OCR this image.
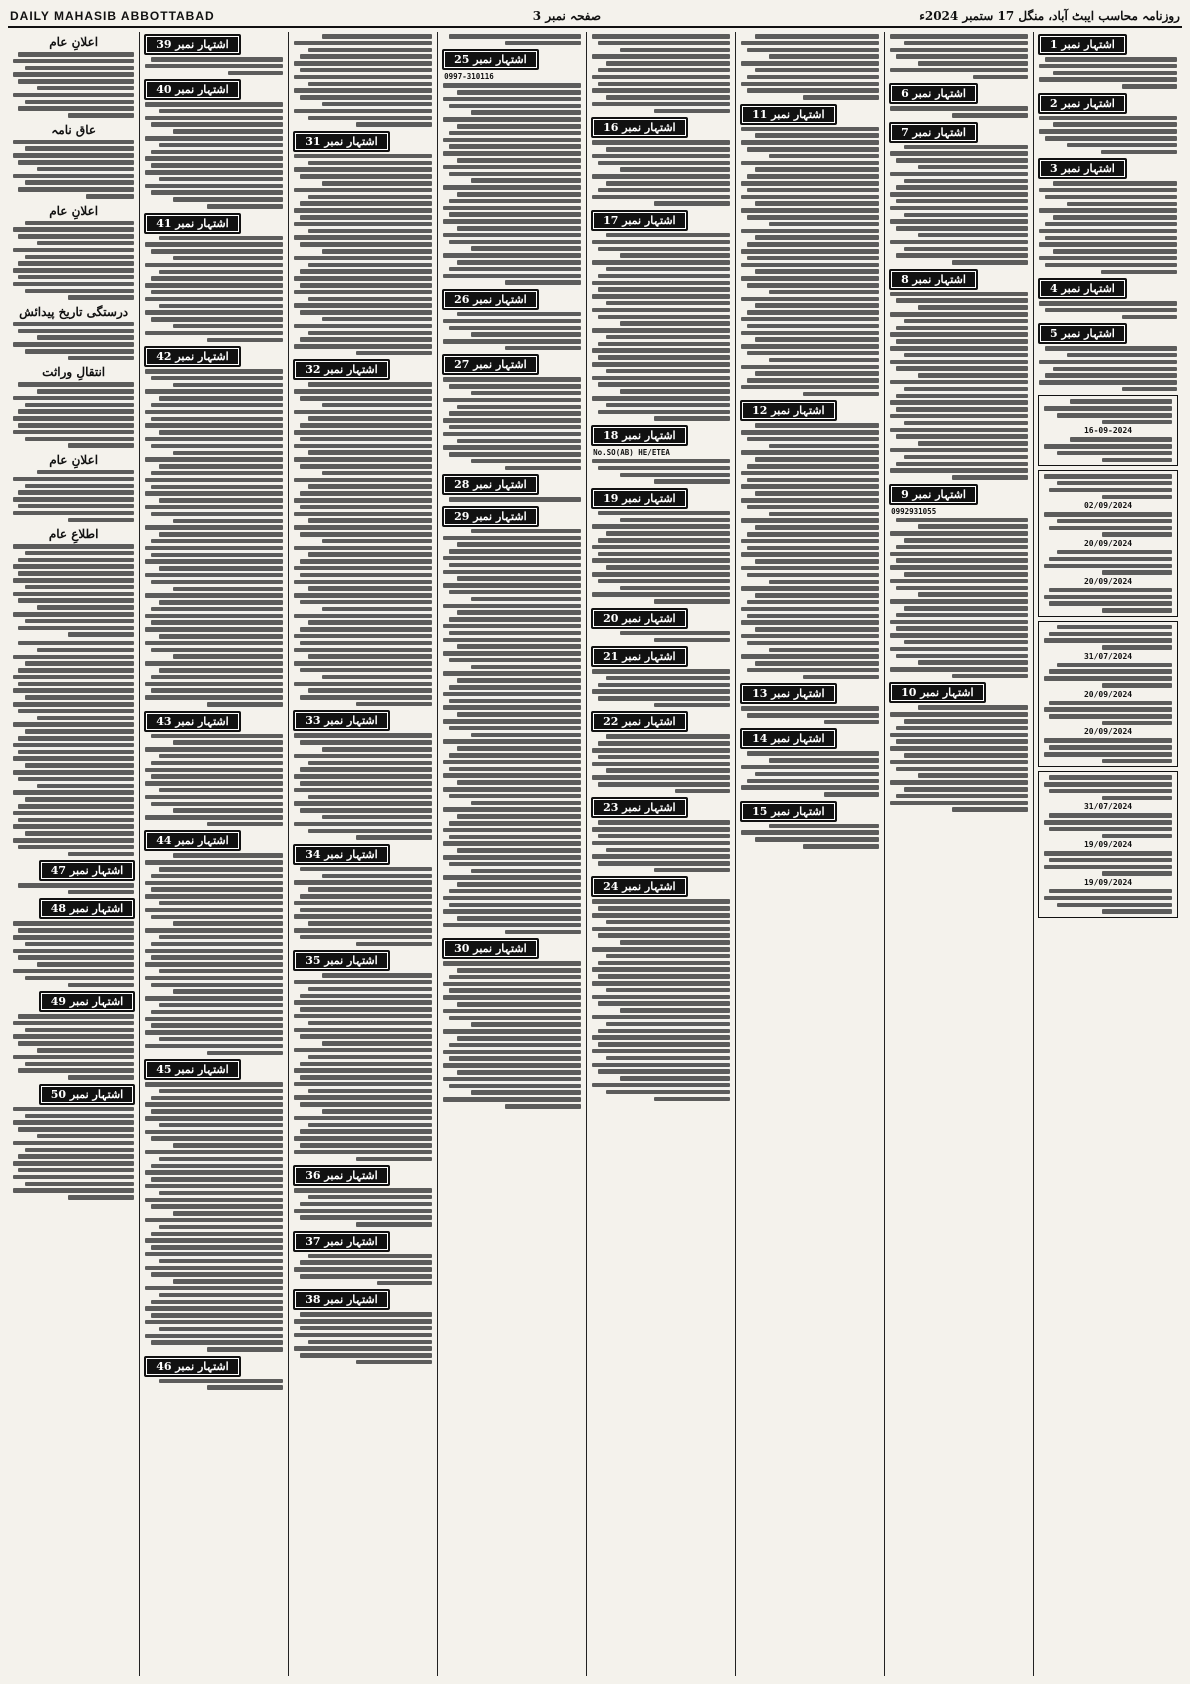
DAILY MAHASIB ABBOTTABAD	صفحہ نمبر 3	روزنامہ محاسب ایبٹ آباد، منگل 17 ستمبر 2024ء
اشتہار نمبر 1
اشتہار نمبر 2
اشتہار نمبر 3
اشتہار نمبر 4
اشتہار نمبر 5
16-09-2024
02/09/2024
20/09/2024
20/09/2024
31/07/2024
20/09/2024
20/09/2024
31/07/2024
19/09/2024
19/09/2024
اشتہار نمبر 6
اشتہار نمبر 7
اشتہار نمبر 8
اشتہار نمبر 9
0992931055
اشتہار نمبر 10
اشتہار نمبر 11
اشتہار نمبر 12
اشتہار نمبر 13
اشتہار نمبر 14
اشتہار نمبر 15
اشتہار نمبر 16
اشتہار نمبر 17
اشتہار نمبر 18
No.SO(AB) HE/ETEA
اشتہار نمبر 19
اشتہار نمبر 20
اشتہار نمبر 21
اشتہار نمبر 22
اشتہار نمبر 23
اشتہار نمبر 24
اشتہار نمبر 25
0997-310116
اشتہار نمبر 26
اشتہار نمبر 27
اشتہار نمبر 28
اشتہار نمبر 29
اشتہار نمبر 30
اشتہار نمبر 31
اشتہار نمبر 32
اشتہار نمبر 33
اشتہار نمبر 34
اشتہار نمبر 35
اشتہار نمبر 36
اشتہار نمبر 37
اشتہار نمبر 38
اشتہار نمبر 39
اشتہار نمبر 40
اشتہار نمبر 41
اشتہار نمبر 42
اشتہار نمبر 43
اشتہار نمبر 44
اشتہار نمبر 45
اشتہار نمبر 46
اعلانِ عام
عاق نامہ
اعلانِ عام
درستگی تاریخ پیدائش
انتقالِ وراثت
اعلانِ عام
اطلاعِ عام
اشتہار نمبر 47
اشتہار نمبر 48
اشتہار نمبر 49
اشتہار نمبر 50
